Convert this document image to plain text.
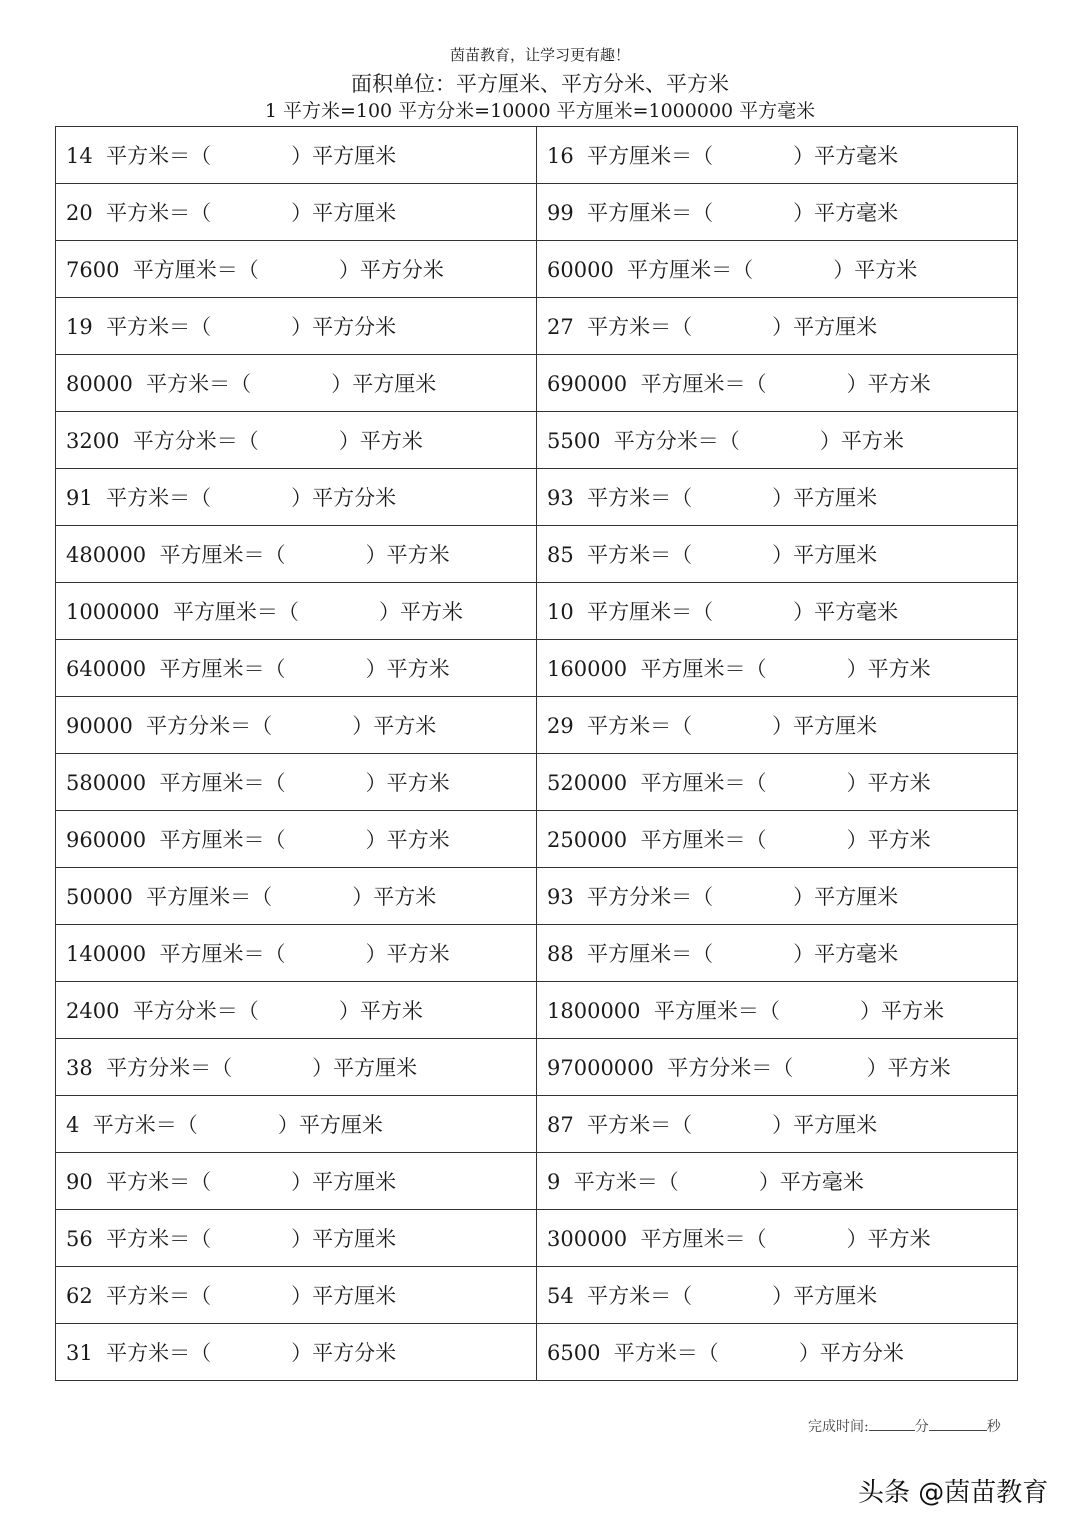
茵苗教育，让学习更有趣！
面积单位：平方厘米、平方分米、平方米
1 平方米=100 平方分米=10000 平方厘米=1000000 平方毫米
14  平方米＝（            ）平方厘米	16  平方厘米＝（            ）平方毫米
20  平方米＝（            ）平方厘米	99  平方厘米＝（            ）平方毫米
7600  平方厘米＝（            ）平方分米	60000  平方厘米＝（            ）平方米
19  平方米＝（            ）平方分米	27  平方米＝（            ）平方厘米
80000  平方米＝（            ）平方厘米	690000  平方厘米＝（            ）平方米
3200  平方分米＝（            ）平方米	5500  平方分米＝（            ）平方米
91  平方米＝（            ）平方分米	93  平方米＝（            ）平方厘米
480000  平方厘米＝（            ）平方米	85  平方米＝（            ）平方厘米
1000000  平方厘米＝（            ）平方米	10  平方厘米＝（            ）平方毫米
640000  平方厘米＝（            ）平方米	160000  平方厘米＝（            ）平方米
90000  平方分米＝（            ）平方米	29  平方米＝（            ）平方厘米
580000  平方厘米＝（            ）平方米	520000  平方厘米＝（            ）平方米
960000  平方厘米＝（            ）平方米	250000  平方厘米＝（            ）平方米
50000  平方厘米＝（            ）平方米	93  平方分米＝（            ）平方厘米
140000  平方厘米＝（            ）平方米	88  平方厘米＝（            ）平方毫米
2400  平方分米＝（            ）平方米	1800000  平方厘米＝（            ）平方米
38  平方分米＝（            ）平方厘米	97000000  平方分米＝（           ）平方米
4  平方米＝（            ）平方厘米	87  平方米＝（            ）平方厘米
90  平方米＝（            ）平方厘米	9  平方米＝（            ）平方毫米
56  平方米＝（            ）平方厘米	300000  平方厘米＝（            ）平方米
62  平方米＝（            ）平方厘米	54  平方米＝（            ）平方厘米
31  平方米＝（            ）平方分米	6500  平方米＝（            ）平方分米
完成时间:	分	秒
头条 @茵苗教育
